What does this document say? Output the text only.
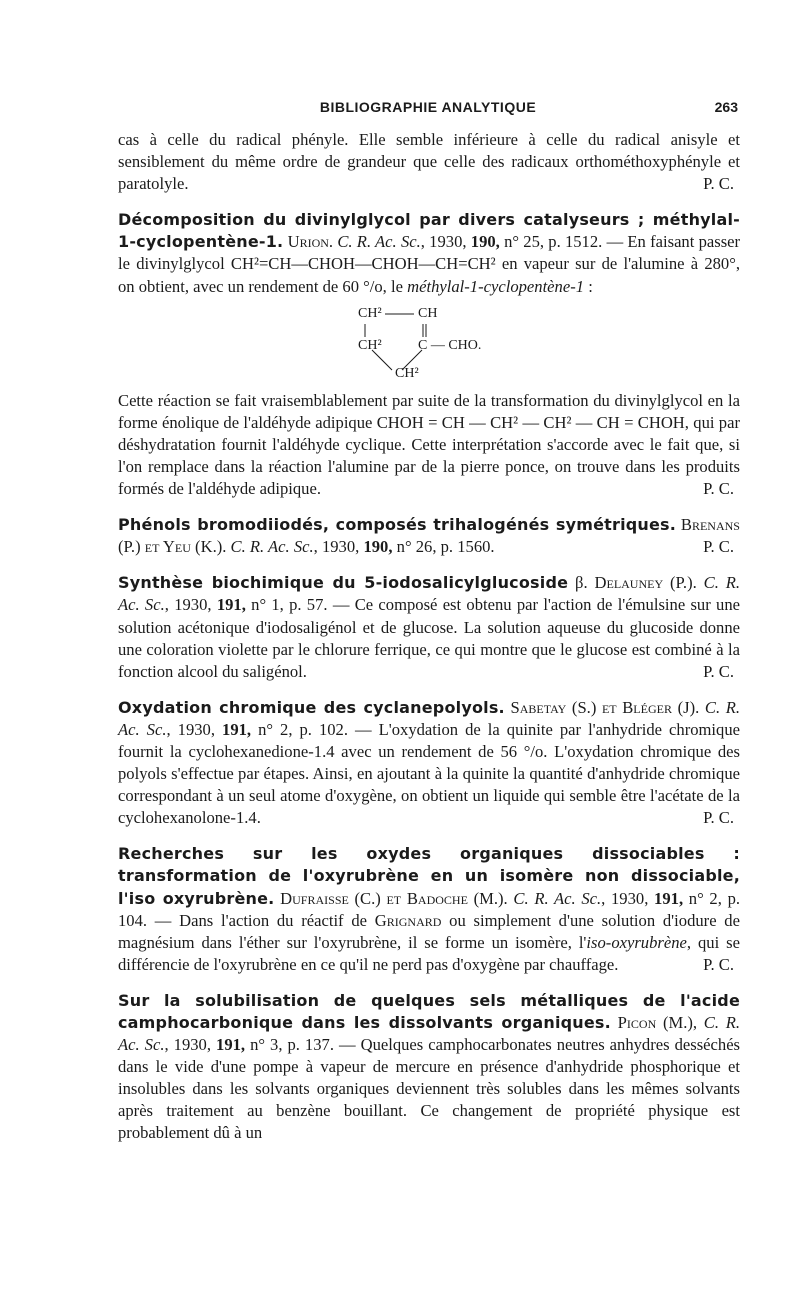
BIBLIOGRAPHIE ANALYTIQUE	263

cas à celle du radical phényle. Elle semble inférieure à celle du radical anisyle et sensiblement du même ordre de grandeur que celle des radicaux orthométhoxyphényle et paratolyle.	P. C.

Décomposition du divinylglycol par divers catalyseurs ; méthylal-1-cyclopentène-1. Urion. C. R. Ac. Sc., 1930, 190, n° 25, p. 1512. — En faisant passer le divinylglycol CH²=CH—CHOH—CHOH—CH=CH² en vapeur sur de l'alumine à 280°, on obtient, avec un rendement de 60 °/o, le méthylal-1-cyclopentène-1 :

CH²	CH
CH²	C — CHO.
CH²

Cette réaction se fait vraisemblablement par suite de la transformation du divinylglycol en la forme énolique de l'aldéhyde adipique CHOH = CH — CH² — CH² — CH = CHOH, qui par déshydratation fournit l'aldéhyde cyclique. Cette interprétation s'accorde avec le fait que, si l'on remplace dans la réaction l'alumine par de la pierre ponce, on trouve dans les produits formés de l'aldéhyde adipique.	P. C.

Phénols bromodiiodés, composés trihalogénés symétriques. Brenans (P.) et Yeu (K.). C. R. Ac. Sc., 1930, 190, n° 26, p. 1560.	P. C.

Synthèse biochimique du 5-iodosalicylglucoside β. Delauney (P.). C. R. Ac. Sc., 1930, 191, n° 1, p. 57. — Ce composé est obtenu par l'action de l'émulsine sur une solution acétonique d'iodosaligénol et de glucose. La solution aqueuse du glucoside donne une coloration violette par le chlorure ferrique, ce qui montre que le glucose est combiné à la fonction alcool du saligénol.	P. C.

Oxydation chromique des cyclanepolyols. Sabetay (S.) et Bléger (J). C. R. Ac. Sc., 1930, 191, n° 2, p. 102. — L'oxydation de la quinite par l'anhydride chromique fournit la cyclohexanedione-1.4 avec un rendement de 56 °/o. L'oxydation chromique des polyols s'effectue par étapes. Ainsi, en ajoutant à la quinite la quantité d'anhydride chromique correspondant à un seul atome d'oxygène, on obtient un liquide qui semble être l'acétate de la cyclohexanolone-1.4.	P. C.

Recherches sur les oxydes organiques dissociables : transformation de l'oxyrubrène en un isomère non dissociable, l'iso oxyrubrène. Dufraisse (C.) et Badoche (M.). C. R. Ac. Sc., 1930, 191, n° 2, p. 104. — Dans l'action du réactif de Grignard ou simplement d'une solution d'iodure de magnésium dans l'éther sur l'oxyrubrène, il se forme un isomère, l'iso-oxyrubrène, qui se différencie de l'oxyrubrène en ce qu'il ne perd pas d'oxygène par chauffage.	P. C.

Sur la solubilisation de quelques sels métalliques de l'acide camphocarbonique dans les dissolvants organiques. Picon (M.), C. R. Ac. Sc., 1930, 191, n° 3, p. 137. — Quelques camphocarbonates neutres anhydres desséchés dans le vide d'une pompe à vapeur de mercure en présence d'anhydride phosphorique et insolubles dans les solvants organiques deviennent très solubles dans les mêmes solvants après traitement au benzène bouillant. Ce changement de propriété physique est probablement dû à un
